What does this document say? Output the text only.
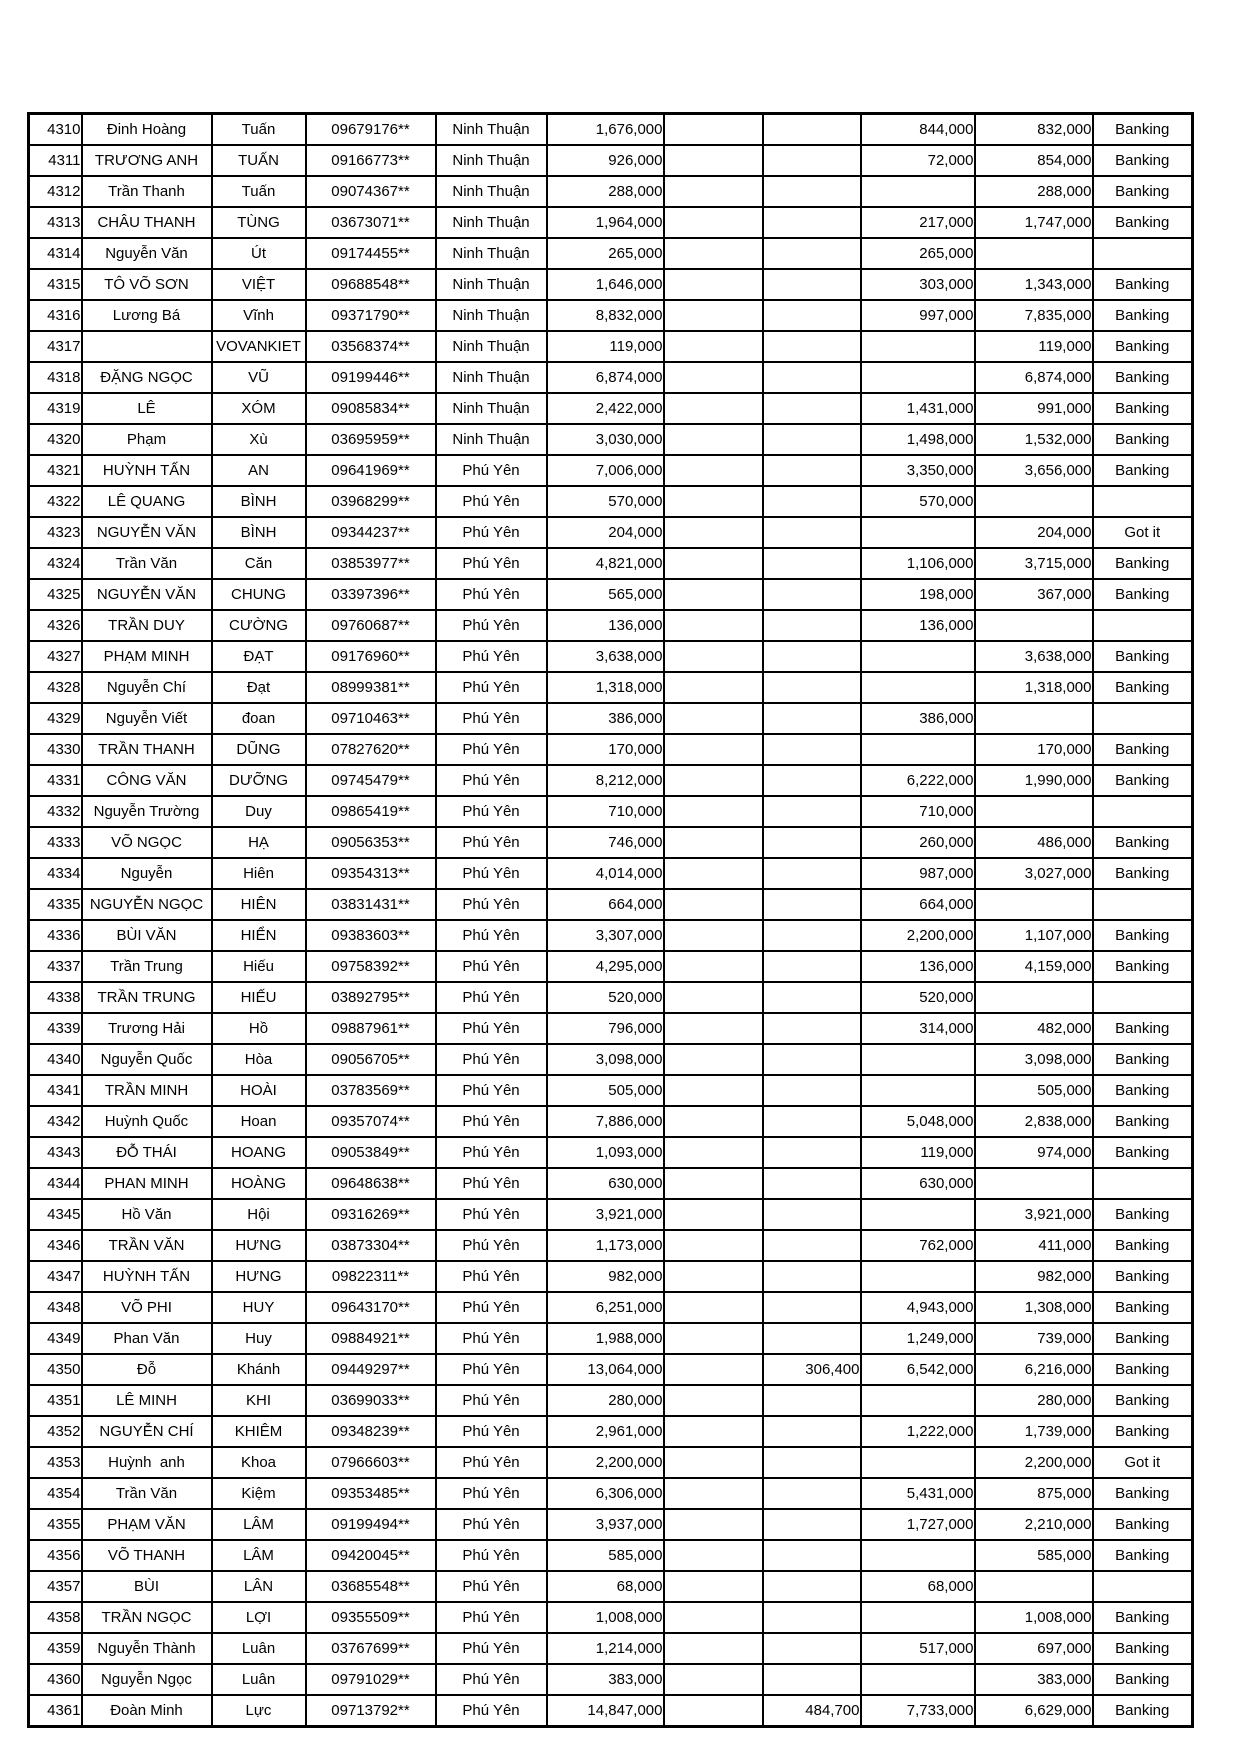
4310	Đinh Hoàng	Tuấn	09679176**	Ninh Thuận	1,676,000			844,000	832,000	Banking
4311	TRƯƠNG ANH	TUẤN	09166773**	Ninh Thuận	926,000			72,000	854,000	Banking
4312	Trần Thanh	Tuấn	09074367**	Ninh Thuận	288,000				288,000	Banking
4313	CHÂU THANH	TÙNG	03673071**	Ninh Thuận	1,964,000			217,000	1,747,000	Banking
4314	Nguyễn Văn	Út	09174455**	Ninh Thuận	265,000			265,000		
4315	TÔ VÕ SƠN	VIỆT	09688548**	Ninh Thuận	1,646,000			303,000	1,343,000	Banking
4316	Lương Bá	Vĩnh	09371790**	Ninh Thuận	8,832,000			997,000	7,835,000	Banking
4317		VOVANKIET	03568374**	Ninh Thuận	119,000				119,000	Banking
4318	ĐẶNG NGỌC	VŨ	09199446**	Ninh Thuận	6,874,000				6,874,000	Banking
4319	LÊ	XÓM	09085834**	Ninh Thuận	2,422,000			1,431,000	991,000	Banking
4320	Phạm	Xù	03695959**	Ninh Thuận	3,030,000			1,498,000	1,532,000	Banking
4321	HUỲNH TẤN	AN	09641969**	Phú Yên	7,006,000			3,350,000	3,656,000	Banking
4322	LÊ QUANG	BÌNH	03968299**	Phú Yên	570,000			570,000		
4323	NGUYỄN VĂN	BÌNH	09344237**	Phú Yên	204,000				204,000	Got it
4324	Trần Văn	Căn	03853977**	Phú Yên	4,821,000			1,106,000	3,715,000	Banking
4325	NGUYỄN VĂN	CHUNG	03397396**	Phú Yên	565,000			198,000	367,000	Banking
4326	TRẦN DUY	CƯỜNG	09760687**	Phú Yên	136,000			136,000		
4327	PHẠM MINH	ĐẠT	09176960**	Phú Yên	3,638,000				3,638,000	Banking
4328	Nguyễn Chí	Đạt	08999381**	Phú Yên	1,318,000				1,318,000	Banking
4329	Nguyễn Viết	đoan	09710463**	Phú Yên	386,000			386,000		
4330	TRẦN THANH	DŨNG	07827620**	Phú Yên	170,000				170,000	Banking
4331	CÔNG VĂN	DƯỠNG	09745479**	Phú Yên	8,212,000			6,222,000	1,990,000	Banking
4332	Nguyễn Trường	Duy	09865419**	Phú Yên	710,000			710,000		
4333	VÕ NGỌC	HẠ	09056353**	Phú Yên	746,000			260,000	486,000	Banking
4334	Nguyễn	Hiên	09354313**	Phú Yên	4,014,000			987,000	3,027,000	Banking
4335	NGUYỄN NGỌC	HIÊN	03831431**	Phú Yên	664,000			664,000		
4336	BÙI VĂN	HIỂN	09383603**	Phú Yên	3,307,000			2,200,000	1,107,000	Banking
4337	Trần Trung	Hiếu	09758392**	Phú Yên	4,295,000			136,000	4,159,000	Banking
4338	TRẦN TRUNG	HIẾU	03892795**	Phú Yên	520,000			520,000		
4339	Trương Hải	Hồ	09887961**	Phú Yên	796,000			314,000	482,000	Banking
4340	Nguyễn Quốc	Hòa	09056705**	Phú Yên	3,098,000				3,098,000	Banking
4341	TRẦN MINH	HOÀI	03783569**	Phú Yên	505,000				505,000	Banking
4342	Huỳnh Quốc	Hoan	09357074**	Phú Yên	7,886,000			5,048,000	2,838,000	Banking
4343	ĐỖ THÁI	HOANG	09053849**	Phú Yên	1,093,000			119,000	974,000	Banking
4344	PHAN MINH	HOÀNG	09648638**	Phú Yên	630,000			630,000		
4345	Hồ Văn	Hội	09316269**	Phú Yên	3,921,000				3,921,000	Banking
4346	TRẦN VĂN	HƯNG	03873304**	Phú Yên	1,173,000			762,000	411,000	Banking
4347	HUỲNH TẤN	HƯNG	09822311**	Phú Yên	982,000				982,000	Banking
4348	VÕ PHI	HUY	09643170**	Phú Yên	6,251,000			4,943,000	1,308,000	Banking
4349	Phan Văn	Huy	09884921**	Phú Yên	1,988,000			1,249,000	739,000	Banking
4350	Đỗ	Khánh	09449297**	Phú Yên	13,064,000		306,400	6,542,000	6,216,000	Banking
4351	LÊ MINH	KHI	03699033**	Phú Yên	280,000				280,000	Banking
4352	NGUYỄN CHÍ	KHIÊM	09348239**	Phú Yên	2,961,000			1,222,000	1,739,000	Banking
4353	Huỳnh  anh	Khoa	07966603**	Phú Yên	2,200,000				2,200,000	Got it
4354	Trần Văn	Kiệm	09353485**	Phú Yên	6,306,000			5,431,000	875,000	Banking
4355	PHẠM VĂN	LÂM	09199494**	Phú Yên	3,937,000			1,727,000	2,210,000	Banking
4356	VÕ THANH	LÂM	09420045**	Phú Yên	585,000				585,000	Banking
4357	BÙI	LÂN	03685548**	Phú Yên	68,000			68,000		
4358	TRẦN NGỌC	LỢI	09355509**	Phú Yên	1,008,000				1,008,000	Banking
4359	Nguyễn Thành	Luân	03767699**	Phú Yên	1,214,000			517,000	697,000	Banking
4360	Nguyễn Ngọc	Luân	09791029**	Phú Yên	383,000				383,000	Banking
4361	Đoàn Minh	Lực	09713792**	Phú Yên	14,847,000		484,700	7,733,000	6,629,000	Banking
